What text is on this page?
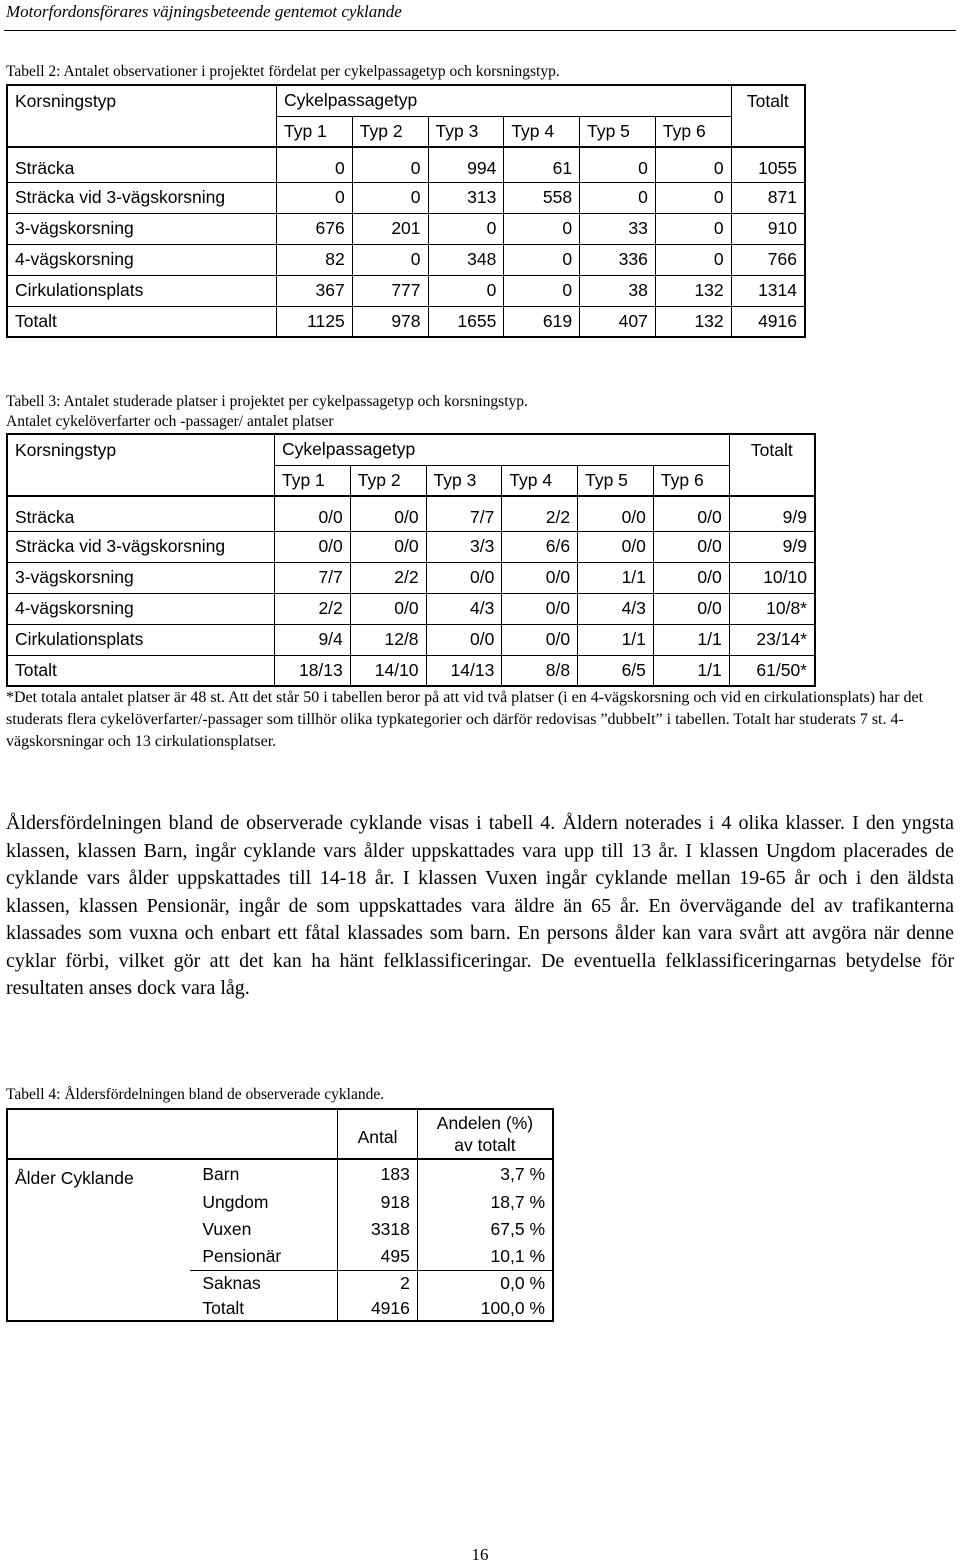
Motorfordonsförares väjningsbeteende gentemot cyklande
Tabell 2: Antalet observationer i projektet fördelat per cykelpassagetyp och korsningstyp.
Korsningstyp	Cykelpassagetyp						Totalt
	Typ 1	Typ 2	Typ 3	Typ 4	Typ 5	Typ 6	
Sträcka	0	0	994	61	0	0	1055
Sträcka vid 3-vägskorsning	0	0	313	558	0	0	871
3-vägskorsning	676	201	0	0	33	0	910
4-vägskorsning	82	0	348	0	336	0	766
Cirkulationsplats	367	777	0	0	38	132	1314
Totalt	1125	978	1655	619	407	132	4916
Tabell 3: Antalet studerade platser i projektet per cykelpassagetyp och korsningstyp.
Antalet cykelöverfarter och -passager/ antalet platser
Korsningstyp	Cykelpassagetyp						Totalt
	Typ 1	Typ 2	Typ 3	Typ 4	Typ 5	Typ 6	
Sträcka	0/0	0/0	7/7	2/2	0/0	0/0	9/9
Sträcka vid 3-vägskorsning	0/0	0/0	3/3	6/6	0/0	0/0	9/9
3-vägskorsning	7/7	2/2	0/0	0/0	1/1	0/0	10/10
4-vägskorsning	2/2	0/0	4/3	0/0	4/3	0/0	10/8*
Cirkulationsplats	9/4	12/8	0/0	0/0	1/1	1/1	23/14*
Totalt	18/13	14/10	14/13	8/8	6/5	1/1	61/50*
*Det totala antalet platser är 48 st. Att det står 50 i tabellen beror på att vid två platser (i en 4-vägskorsning och vid en cirkulationsplats) har det studerats flera cykelöverfarter/-passager som tillhör olika typkategorier och därför redovisas ”dubbelt” i tabellen. Totalt har studerats 7 st. 4-vägskorsningar och 13 cirkulationsplatser.
Åldersfördelningen bland de observerade cyklande visas i tabell 4. Åldern noterades i 4 olika klasser. I den yngsta klassen, klassen Barn, ingår cyklande vars ålder uppskattades vara upp till 13 år. I klassen Ungdom placerades de cyklande vars ålder uppskattades till 14-18 år. I klassen Vuxen ingår cyklande mellan 19-65 år och i den äldsta klassen, klassen Pensionär, ingår de som uppskattades vara äldre än 65 år. En övervägande del av trafikanterna klassades som vuxna och enbart ett fåtal klassades som barn. En persons ålder kan vara svårt att avgöra när denne cyklar förbi, vilket gör att det kan ha hänt felklassificeringar. De eventuella felklassificeringarnas betydelse för resultaten anses dock vara låg.
Tabell 4: Åldersfördelningen bland de observerade cyklande.
		Antal	Andelen (%)
av totalt

Ålder Cyklande	Barn	183	3,7 %
	Ungdom	918	18,7 %
	Vuxen	3318	67,5 %
	Pensionär	495	10,1 %
	Saknas	2	0,0 %
	Totalt	4916	100,0 %
16
